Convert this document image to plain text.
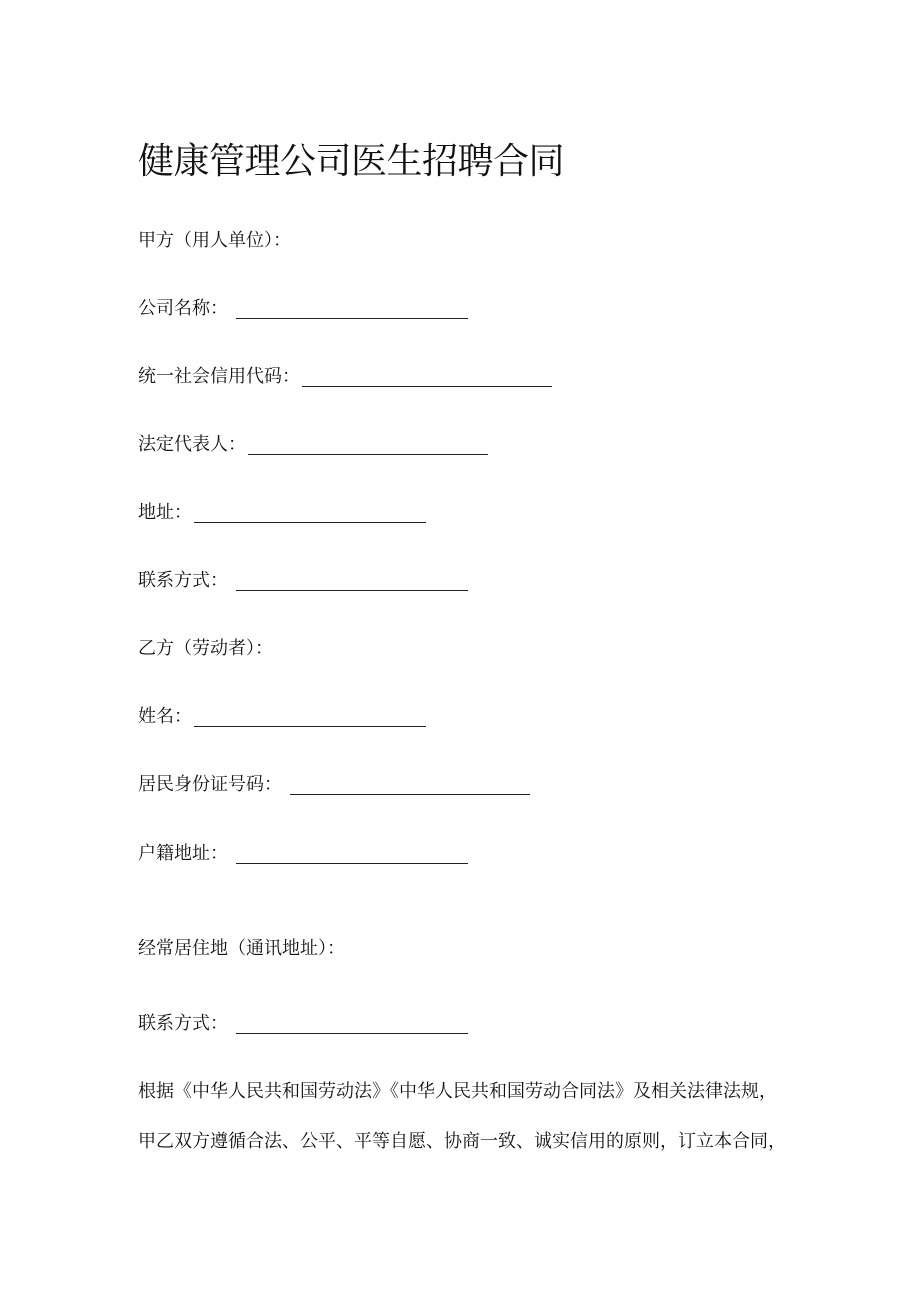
健康管理公司医生招聘合同
甲方（用人单位）：
公司名称：
统一社会信用代码：
法定代表人：
地址：
联系方式：
乙方（劳动者）：
姓名：
居民身份证号码：
户籍地址：
经常居住地（通讯地址）：
联系方式：
根据《中华人民共和国劳动法》《中华人民共和国劳动合同法》及相关法律法规，
甲乙双方遵循合法、公平、平等自愿、协商一致、诚实信用的原则，订立本合同，
